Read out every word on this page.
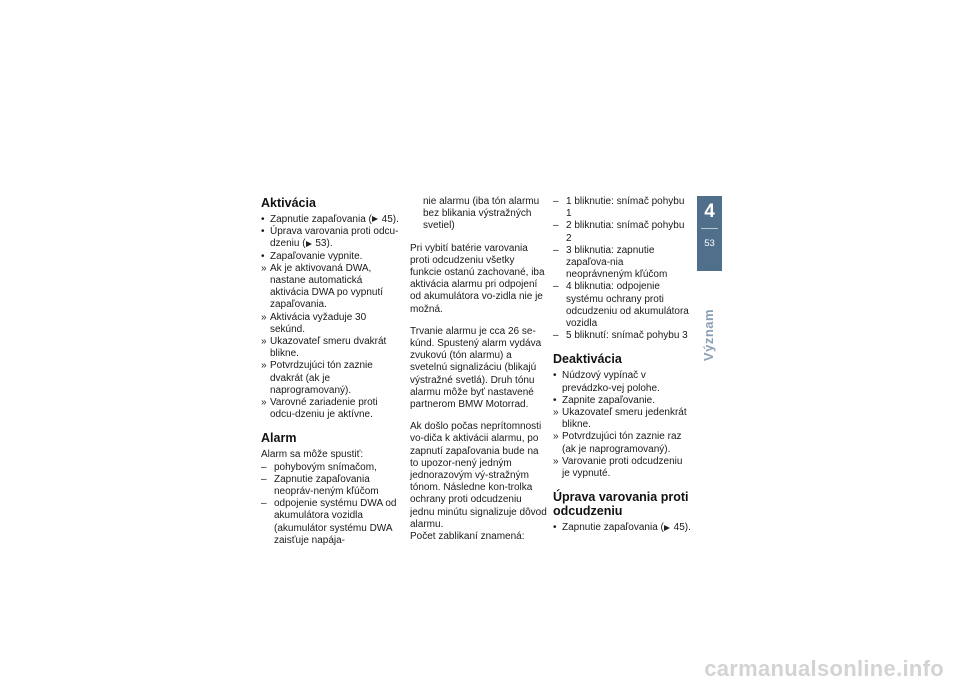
Aktivácia
• Zapnutie zapaľovania ( 45).
• Úprava varovania proti odcu-dzeniu ( 53).
• Zapaľovanie vypnite.
» Ak je aktivovaná DWA, nastane automatická aktivácia DWA po vypnutí zapaľovania.
» Aktivácia vyžaduje 30 sekúnd.
» Ukazovateľ smeru dvakrát blikne.
» Potvrdzujúci tón zaznie dvakrát (ak je naprogramovaný).
» Varovné zariadenie proti odcu-dzeniu je aktívne.
Alarm

Alarm sa môže spustiť:

– pohybovým snímačom,
– Zapnutie zapaľovania neopráv-neným kľúčom
– odpojenie systému DWA od akumulátora vozidla (akumulátor systému DWA zaisťuje napája-

nie alarmu (iba tón alarmu bez blikania výstražných svetiel)

Pri vybití batérie varovania proti odcudzeniu všetky funkcie ostanú zachované, iba aktivácia alarmu pri odpojení od akumulátora vo-zidla nie je možná.

Trvanie alarmu je cca 26 se-kúnd. Spustený alarm vydáva zvukovú (tón alarmu) a svetelnú signalizáciu (blikajú výstražné svetlá). Druh tónu alarmu môže byť nastavené partnerom BMW Motorrad.

Ak došlo počas neprítomnosti vo-diča k aktivácii alarmu, po zapnutí zapaľovania bude na to upozor-nený jedným jednorazovým vý-stražným tónom. Následne kon-trolka ochrany proti odcudzeniu jednu minútu signalizuje dôvod alarmu.

Počet zablikaní znamená:

– 1 bliknutie: snímač pohybu 1
– 2 bliknutia: snímač pohybu 2
– 3 bliknutia: zapnutie zapaľova-nia neoprávneným kľúčom
– 4 bliknutia: odpojenie systému ochrany proti odcudzeniu od akumulátora vozidla
– 5 bliknutí: snímač pohybu 3
Deaktivácia
• Núdzový vypínač v prevádzko-vej polohe.
• Zapnite zapaľovanie.
» Ukazovateľ smeru jedenkrát blikne.
» Potvrdzujúci tón zaznie raz (ak je naprogramovaný).
» Varovanie proti odcudzeniu je vypnuté.
Úprava varovania proti odcudzeniu
• Zapnutie zapaľovania ( 45).
4
53
Význam
carmanualsonline.info
